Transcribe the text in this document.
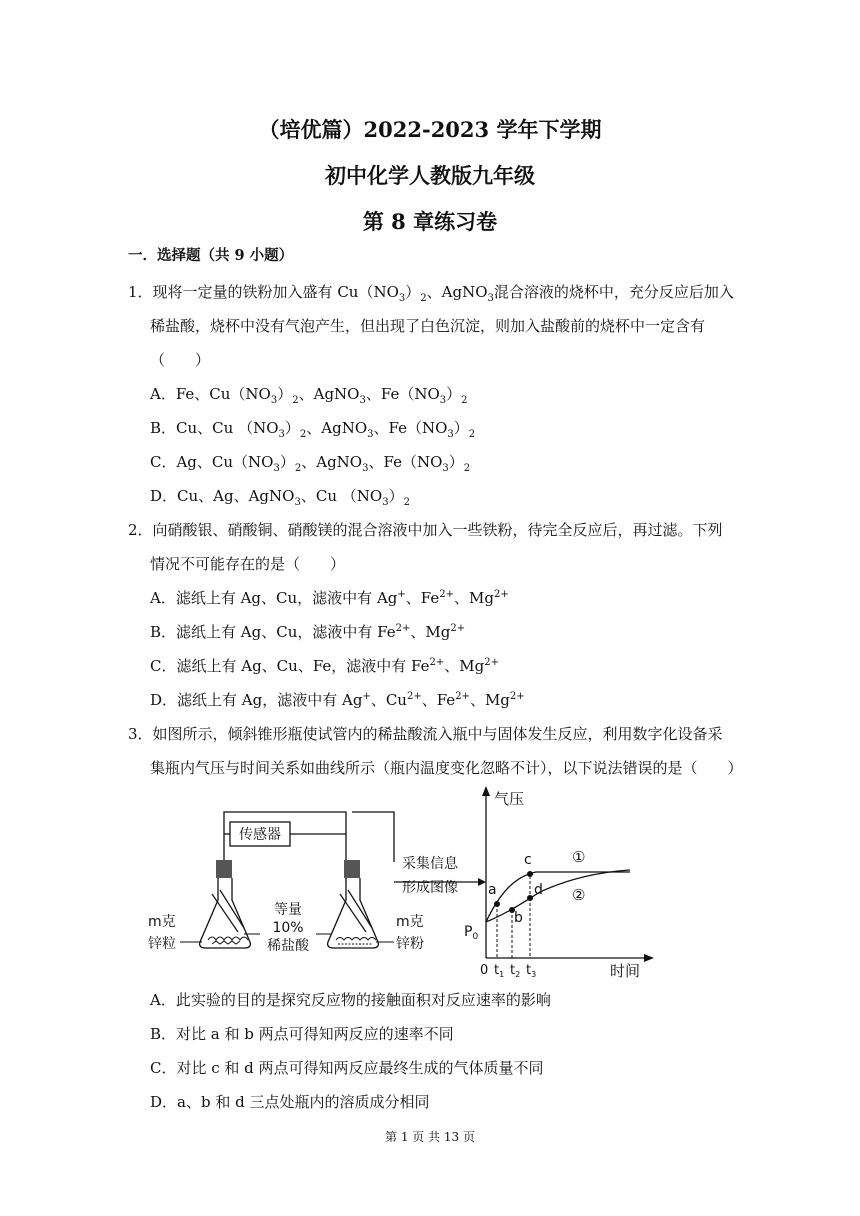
（培优篇）2022-2023 学年下学期
初中化学人教版九年级
第 8 章练习卷
一．选择题（共 9 小题）
1．现将一定量的铁粉加入盛有 $Cu(NO_3)_2$、AgNO$_3$混合溶液的烧杯中，充分反应后加入
稀盐酸，烧杯中没有气泡产生，但出现了白色沉淀，则加入盐酸前的烧杯中一定含有
（　　）
A．Fe、$Cu(NO_3)_2$、AgNO$_3$、$Fe(NO_3)_2$
B．Cu、Cu $(NO_3)_2$、AgNO$_3$、$Fe(NO_3)_2$
C．Ag、$Cu(NO_3)_2$、AgNO$_3$、$Fe(NO_3)_2$
D．Cu、Ag、AgNO$_3$、Cu $(NO_3)_2$
2．向硝酸银、硝酸铜、硝酸镁的混合溶液中加入一些铁粉，待完全反应后，再过滤。下列
情况不可能存在的是（　　）
A．滤纸上有 Ag、Cu，滤液中有 Ag+、$Fe^{2+}$、$Mg^{2+}$
B．滤纸上有 Ag、Cu，滤液中有 $Fe^{2+}$、$Mg^{2+}$
C．滤纸上有 Ag、Cu、Fe，滤液中有 $Fe^{2+}$、$Mg^{2+}$
D．滤纸上有 Ag，滤液中有 Ag+、$Cu^{2+}$、$Fe^{2+}$、$Mg^{2+}$
3．如图所示，倾斜锥形瓶使试管内的稀盐酸流入瓶中与固体发生反应，利用数字化设备采
集瓶内气压与时间关系如曲线所示（瓶内温度变化忽略不计），以下说法错误的是（　　）
传感器
采集信息
形成图像
m克
锌粒
等量
10%
稀盐酸
m克
锌粉
气压
时间
$P_0$
0 $t_1$ $t_2$ $t_3$
a
b
c
d
①
②
A．此实验的目的是探究反应物的接触面积对反应速率的影响
B．对比 a 和 b 两点可得知两反应的速率不同
C．对比 c 和 d 两点可得知两反应最终生成的气体质量不同
D．a、b 和 d 三点处瓶内的溶质成分相同
第 1 页 共 13 页
